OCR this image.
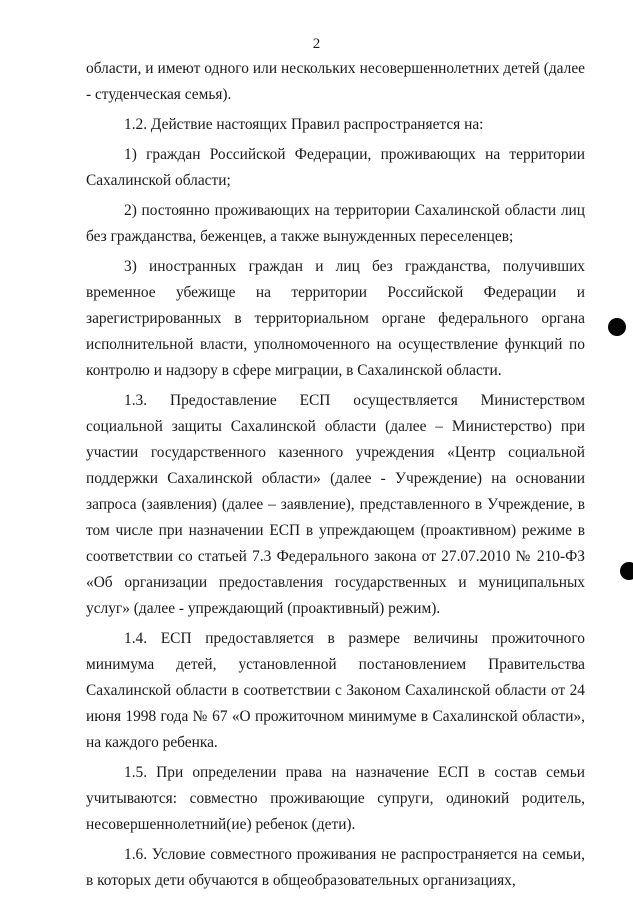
2

области, и имеют одного или нескольких несовершеннолетних детей (далее - студенческая семья).

1.2. Действие настоящих Правил распространяется на:

1) граждан Российской Федерации, проживающих на территории Сахалинской области;

2) постоянно проживающих на территории Сахалинской области лиц без гражданства, беженцев, а также вынужденных переселенцев;

3) иностранных граждан и лиц без гражданства, получивших временное убежище на территории Российской Федерации и зарегистрированных в территориальном органе федерального органа исполнительной власти, уполномоченного на осуществление функций по контролю и надзору в сфере миграции, в Сахалинской области.

1.3. Предоставление ЕСП осуществляется Министерством социальной защиты Сахалинской области (далее – Министерство) при участии государственного казенного учреждения «Центр социальной поддержки Сахалинской области» (далее - Учреждение) на основании запроса (заявления) (далее – заявление), представленного в Учреждение, в том числе при назначении ЕСП в упреждающем (проактивном) режиме в соответствии со статьей 7.3 Федерального закона от 27.07.2010 № 210-ФЗ «Об организации предоставления государственных и муниципальных услуг» (далее - упреждающий (проактивный) режим).

1.4. ЕСП предоставляется в размере величины прожиточного минимума детей, установленной постановлением Правительства Сахалинской области в соответствии с Законом Сахалинской области от 24 июня 1998 года № 67 «О прожиточном минимуме в Сахалинской области», на каждого ребенка.

1.5. При определении права на назначение ЕСП в состав семьи учитываются: совместно проживающие супруги, одинокий родитель, несовершеннолетний(ие) ребенок (дети).

1.6. Условие совместного проживания не распространяется на семьи, в которых дети обучаются в общеобразовательных организациях,
